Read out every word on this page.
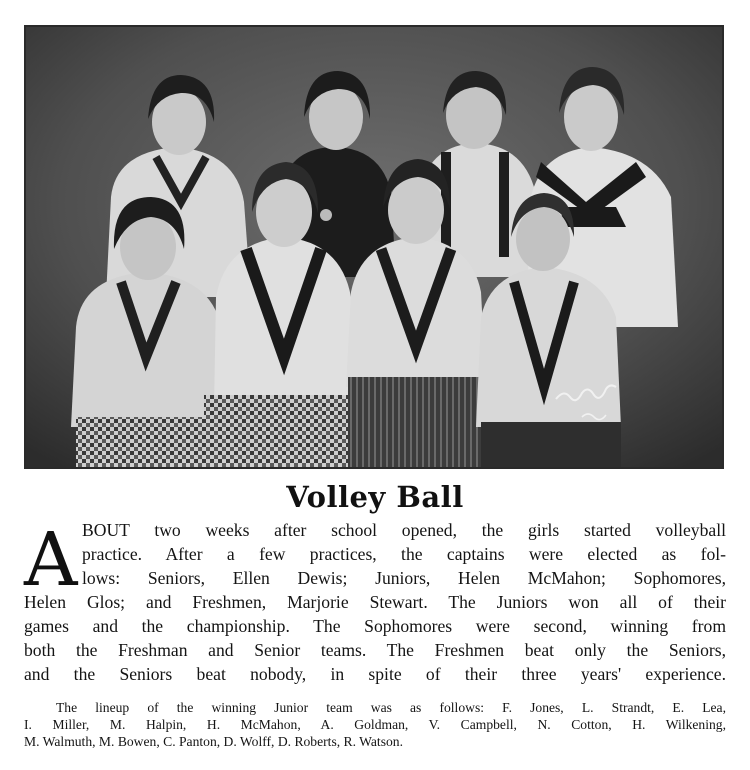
Volley Ball
A BOUT two weeks after school opened, the girls started volleyball
practice. After a few practices, the captains were elected as fol-
lows: Seniors, Ellen Dewis; Juniors, Helen McMahon; Sophomores,
Helen Glos; and Freshmen, Marjorie Stewart. The Juniors won all of their
games and the championship. The Sophomores were second, winning from
both the Freshman and Senior teams. The Freshmen beat only the Seniors,
and the Seniors beat nobody, in spite of their three years' experience.
The lineup of the winning Junior team was as follows: F. Jones, L. Strandt, E. Lea,
I. Miller, M. Halpin, H. McMahon, A. Goldman, V. Campbell, N. Cotton, H. Wilkening,
M. Walmuth, M. Bowen, C. Panton, D. Wolff, D. Roberts, R. Watson.
